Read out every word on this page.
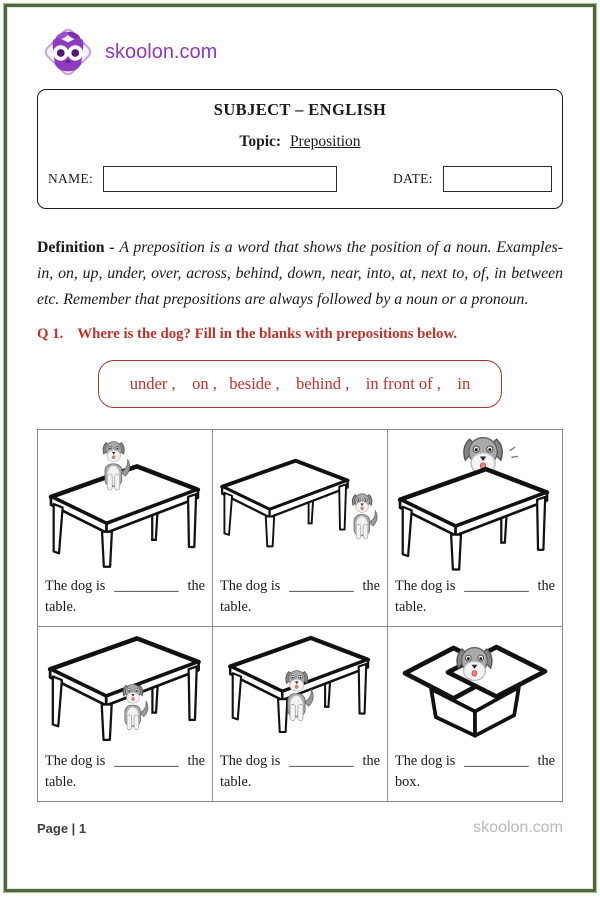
skoolon.com
SUBJECT – ENGLISH
Topic: Preposition
NAME:	DATE:
Definition - A preposition is a word that shows the position of a noun. Examples- in, on, up, under, over, across, behind, down, near, into, at, next to, of, in between etc. Remember that prepositions are always followed by a noun or a pronoun.
Q 1. Where is the dog? Fill in the blanks with prepositions below.
under ,    on ,   beside ,    behind ,    in front of ,    in
The dog is _________ the
table.

The dog is _________ the
table.

The dog is _________ the
table.

The dog is _________ the
table.

The dog is _________ the
table.

The dog is _________ the
box.
Page | 1	skoolon.com
